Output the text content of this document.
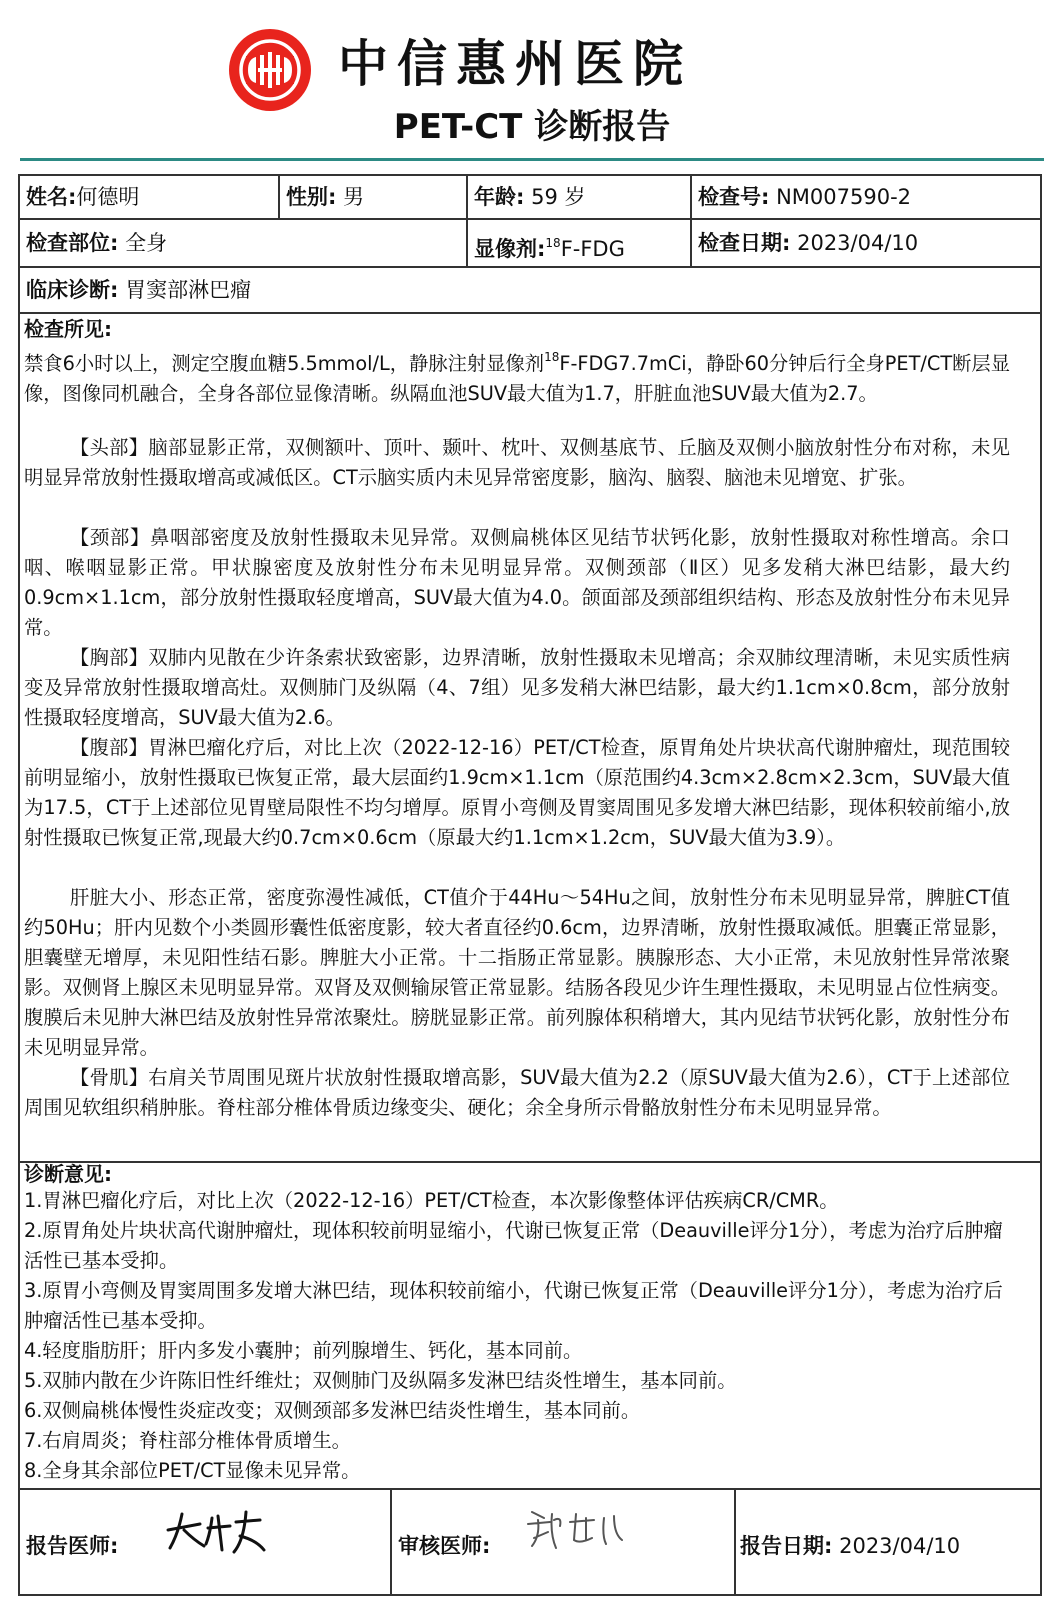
中信惠州医院
PET-CT 诊断报告
姓名:何德明	性别: 男	年龄: 59 岁	检查号: NM007590-2
检查部位: 全身	显像剂:$^{18}$F-FDG	检查日期: 2023/04/10
临床诊断: 胃窦部淋巴瘤
检查所见:
禁食6小时以上，测定空腹血糖5.5mmol/L，静脉注射显像剂$^{18}$F-FDG7.7mCi，静卧60分钟后行全身PET/CT断层显像，图像同机融合，全身各部位显像清晰。纵隔血池SUV最大值为1.7，肝脏血池SUV最大值为2.7。
【头部】脑部显影正常，双侧额叶、顶叶、颞叶、枕叶、双侧基底节、丘脑及双侧小脑放射性分布对称，未见明显异常放射性摄取增高或减低区。CT示脑实质内未见异常密度影，脑沟、脑裂、脑池未见增宽、扩张。
【颈部】鼻咽部密度及放射性摄取未见异常。双侧扁桃体区见结节状钙化影，放射性摄取对称性增高。余口咽、喉咽显影正常。甲状腺密度及放射性分布未见明显异常。双侧颈部（Ⅱ区）见多发稍大淋巴结影，最大约0.9cm×1.1cm，部分放射性摄取轻度增高，SUV最大值为4.0。颌面部及颈部组织结构、形态及放射性分布未见异常。
【胸部】双肺内见散在少许条索状致密影，边界清晰，放射性摄取未见增高；余双肺纹理清晰，未见实质性病变及异常放射性摄取增高灶。双侧肺门及纵隔（4、7组）见多发稍大淋巴结影，最大约1.1cm×0.8cm，部分放射性摄取轻度增高，SUV最大值为2.6。
【腹部】胃淋巴瘤化疗后，对比上次（2022-12-16）PET/CT检查，原胃角处片块状高代谢肿瘤灶，现范围较前明显缩小，放射性摄取已恢复正常，最大层面约1.9cm×1.1cm（原范围约4.3cm×2.8cm×2.3cm，SUV最大值为17.5，CT于上述部位见胃壁局限性不均匀增厚。原胃小弯侧及胃窦周围见多发增大淋巴结影，现体积较前缩小,放射性摄取已恢复正常,现最大约0.7cm×0.6cm（原最大约1.1cm×1.2cm，SUV最大值为3.9）。
肝脏大小、形态正常，密度弥漫性减低，CT值介于44Hu～54Hu之间，放射性分布未见明显异常，脾脏CT值约50Hu；肝内见数个小类圆形囊性低密度影，较大者直径约0.6cm，边界清晰，放射性摄取减低。胆囊正常显影，胆囊壁无增厚，未见阳性结石影。脾脏大小正常。十二指肠正常显影。胰腺形态、大小正常，未见放射性异常浓聚影。双侧肾上腺区未见明显异常。双肾及双侧输尿管正常显影。结肠各段见少许生理性摄取，未见明显占位性病变。腹膜后未见肿大淋巴结及放射性异常浓聚灶。膀胱显影正常。前列腺体积稍增大，其内见结节状钙化影，放射性分布未见明显异常。
【骨肌】右肩关节周围见斑片状放射性摄取增高影，SUV最大值为2.2（原SUV最大值为2.6），CT于上述部位周围见软组织稍肿胀。脊柱部分椎体骨质边缘变尖、硬化；余全身所示骨骼放射性分布未见明显异常。
诊断意见:
1.胃淋巴瘤化疗后，对比上次（2022-12-16）PET/CT检查，本次影像整体评估疾病CR/CMR。
2.原胃角处片块状高代谢肿瘤灶，现体积较前明显缩小，代谢已恢复正常（Deauville评分1分），考虑为治疗后肿瘤活性已基本受抑。
3.原胃小弯侧及胃窦周围多发增大淋巴结，现体积较前缩小，代谢已恢复正常（Deauville评分1分），考虑为治疗后肿瘤活性已基本受抑。
4.轻度脂肪肝；肝内多发小囊肿；前列腺增生、钙化，基本同前。
5.双肺内散在少许陈旧性纤维灶；双侧肺门及纵隔多发淋巴结炎性增生，基本同前。
6.双侧扁桃体慢性炎症改变；双侧颈部多发淋巴结炎性增生，基本同前。
7.右肩周炎；脊柱部分椎体骨质增生。
8.全身其余部位PET/CT显像未见异常。
报告医师:	审核医师:	报告日期: 2023/04/10
